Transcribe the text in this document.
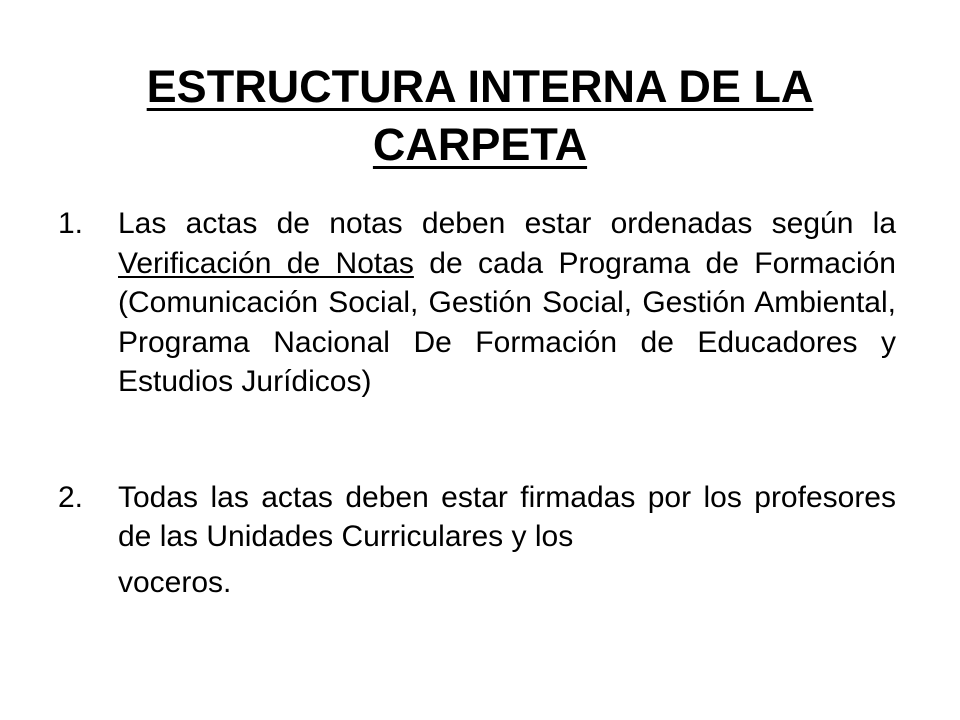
ESTRUCTURA INTERNA DE LA
CARPETA
1. Las actas de notas deben estar ordenadas según la Verificación de Notas de cada Programa de Formación (Comunicación Social, Gestión Social, Gestión Ambiental, Programa Nacional De Formación de Educadores y Estudios Jurídicos)
2. Todas las actas deben estar firmadas por los profesores de las Unidades Curriculares y los
voceros.
